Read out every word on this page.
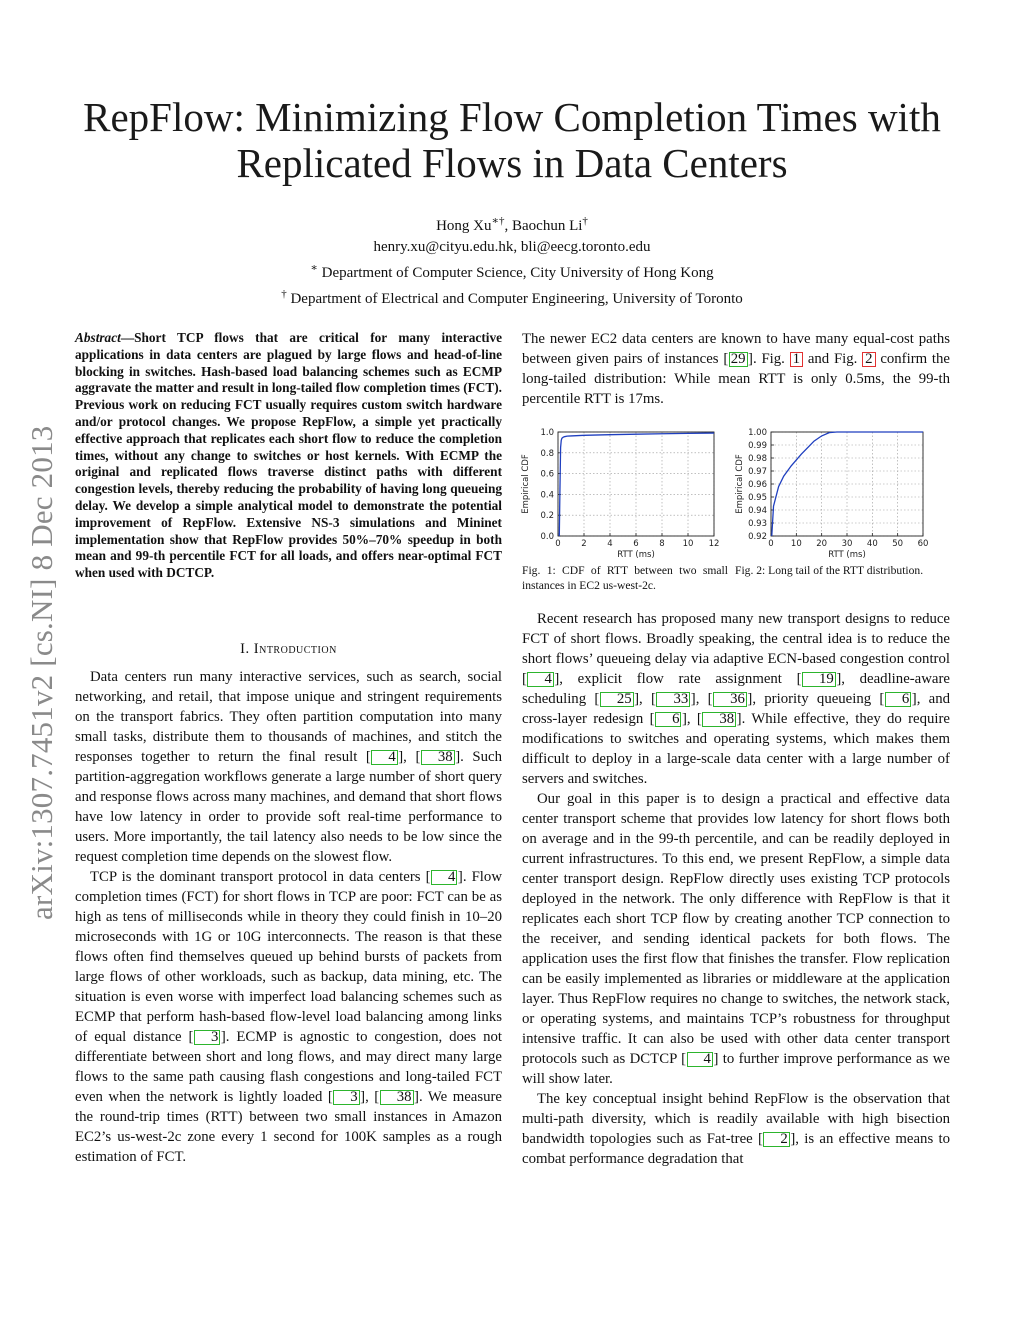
arXiv:1307.7451v2 [cs.NI] 8 Dec 2013
RepFlow: Minimizing Flow Completion Times with
Replicated Flows in Data Centers
Hong Xu∗†, Baochun Li†
henry.xu@cityu.edu.hk, bli@eecg.toronto.edu
∗ Department of Computer Science, City University of Hong Kong
† Department of Electrical and Computer Engineering, University of Toronto
Abstract—Short TCP flows that are critical for many interactive applications in data centers are plagued by large flows and head-of-line blocking in switches. Hash-based load balancing schemes such as ECMP aggravate the matter and result in long-tailed flow completion times (FCT). Previous work on reducing FCT usually requires custom switch hardware and/or protocol changes. We propose RepFlow, a simple yet practically effective approach that replicates each short flow to reduce the completion times, without any change to switches or host kernels. With ECMP the original and replicated flows traverse distinct paths with different congestion levels, thereby reducing the probability of having long queueing delay. We develop a simple analytical model to demonstrate the potential improvement of RepFlow. Extensive NS-3 simulations and Mininet implementation show that RepFlow provides 50%–70% speedup in both mean and 99-th percentile FCT for all loads, and offers near-optimal FCT when used with DCTCP.
I. Introduction

Data centers run many interactive services, such as search, social networking, and retail, that impose unique and stringent requirements on the transport fabrics. They often partition computation into many small tasks, distribute them to thousands of machines, and stitch the responses together to return the final result [ 4 ], [ 38 ]. Such partition-aggregation workflows generate a large number of short query and response flows across many machines, and demand that short flows have low latency in order to provide soft real-time performance to users. More importantly, the tail latency also needs to be low since the request completion time depends on the slowest flow.

TCP is the dominant transport protocol in data centers [ 4 ]. Flow completion times (FCT) for short flows in TCP are poor: FCT can be as high as tens of milliseconds while in theory they could finish in 10–20 microseconds with 1G or 10G interconnects. The reason is that these flows often find themselves queued up behind bursts of packets from large flows of other workloads, such as backup, data mining, etc. The situation is even worse with imperfect load balancing schemes such as ECMP that perform hash-based flow-level load balancing among links of equal distance [ 3 ]. ECMP is agnostic to congestion, does not differentiate between short and long flows, and may direct many large flows to the same path causing flash congestions and long-tailed FCT even when the network is lightly loaded [ 3 ], [ 38 ]. We measure the round-trip times (RTT) between two small instances in Amazon EC2’s us-west-2c zone every 1 second for 100K samples as a rough estimation of FCT.

The newer EC2 data centers are known to have many equal-cost paths between given pairs of instances [ 29 ]. Fig. 1 and Fig. 2 confirm the long-tailed distribution: While mean RTT is only 0.5ms, the 99-th percentile RTT is 17ms.

0 2 4 6 8 10 12
0.0
0.2
0.4
0.6
0.8
1.0
RTT (ms)
Empirical CDF
0 10 20 30 40 50 60
0.92
0.93
0.94
0.95
0.96
0.97
0.98
0.99
1.00
RTT (ms)
Empirical CDF
Fig. 1: CDF of RTT between two small instances in EC2 us-west-2c.
Fig. 2: Long tail of the RTT distribution.

Recent research has proposed many new transport designs to reduce FCT of short flows. Broadly speaking, the central idea is to reduce the short flows’ queueing delay via adaptive ECN-based congestion control [ 4 ], explicit flow rate assignment [ 19 ], deadline-aware scheduling [ 25 ], [ 33 ], [ 36 ], priority queueing [ 6 ], and cross-layer redesign [ 6 ], [ 38 ]. While effective, they do require modifications to switches and operating systems, which makes them difficult to deploy in a large-scale data center with a large number of servers and switches.

Our goal in this paper is to design a practical and effective data center transport scheme that provides low latency for short flows both on average and in the 99-th percentile, and can be readily deployed in current infrastructures. To this end, we present RepFlow, a simple data center transport design. RepFlow directly uses existing TCP protocols deployed in the network. The only difference with RepFlow is that it replicates each short TCP flow by creating another TCP connection to the receiver, and sending identical packets for both flows. The application uses the first flow that finishes the transfer. Flow replication can be easily implemented as libraries or middleware at the application layer. Thus RepFlow requires no change to switches, the network stack, or operating systems, and maintains TCP’s robustness for throughput intensive traffic. It can also be used with other data center transport protocols such as DCTCP [ 4 ] to further improve performance as we will show later.

The key conceptual insight behind RepFlow is the observation that multi-path diversity, which is readily available with high bisection bandwidth topologies such as Fat-tree [ 2 ], is an effective means to combat performance degradation that
